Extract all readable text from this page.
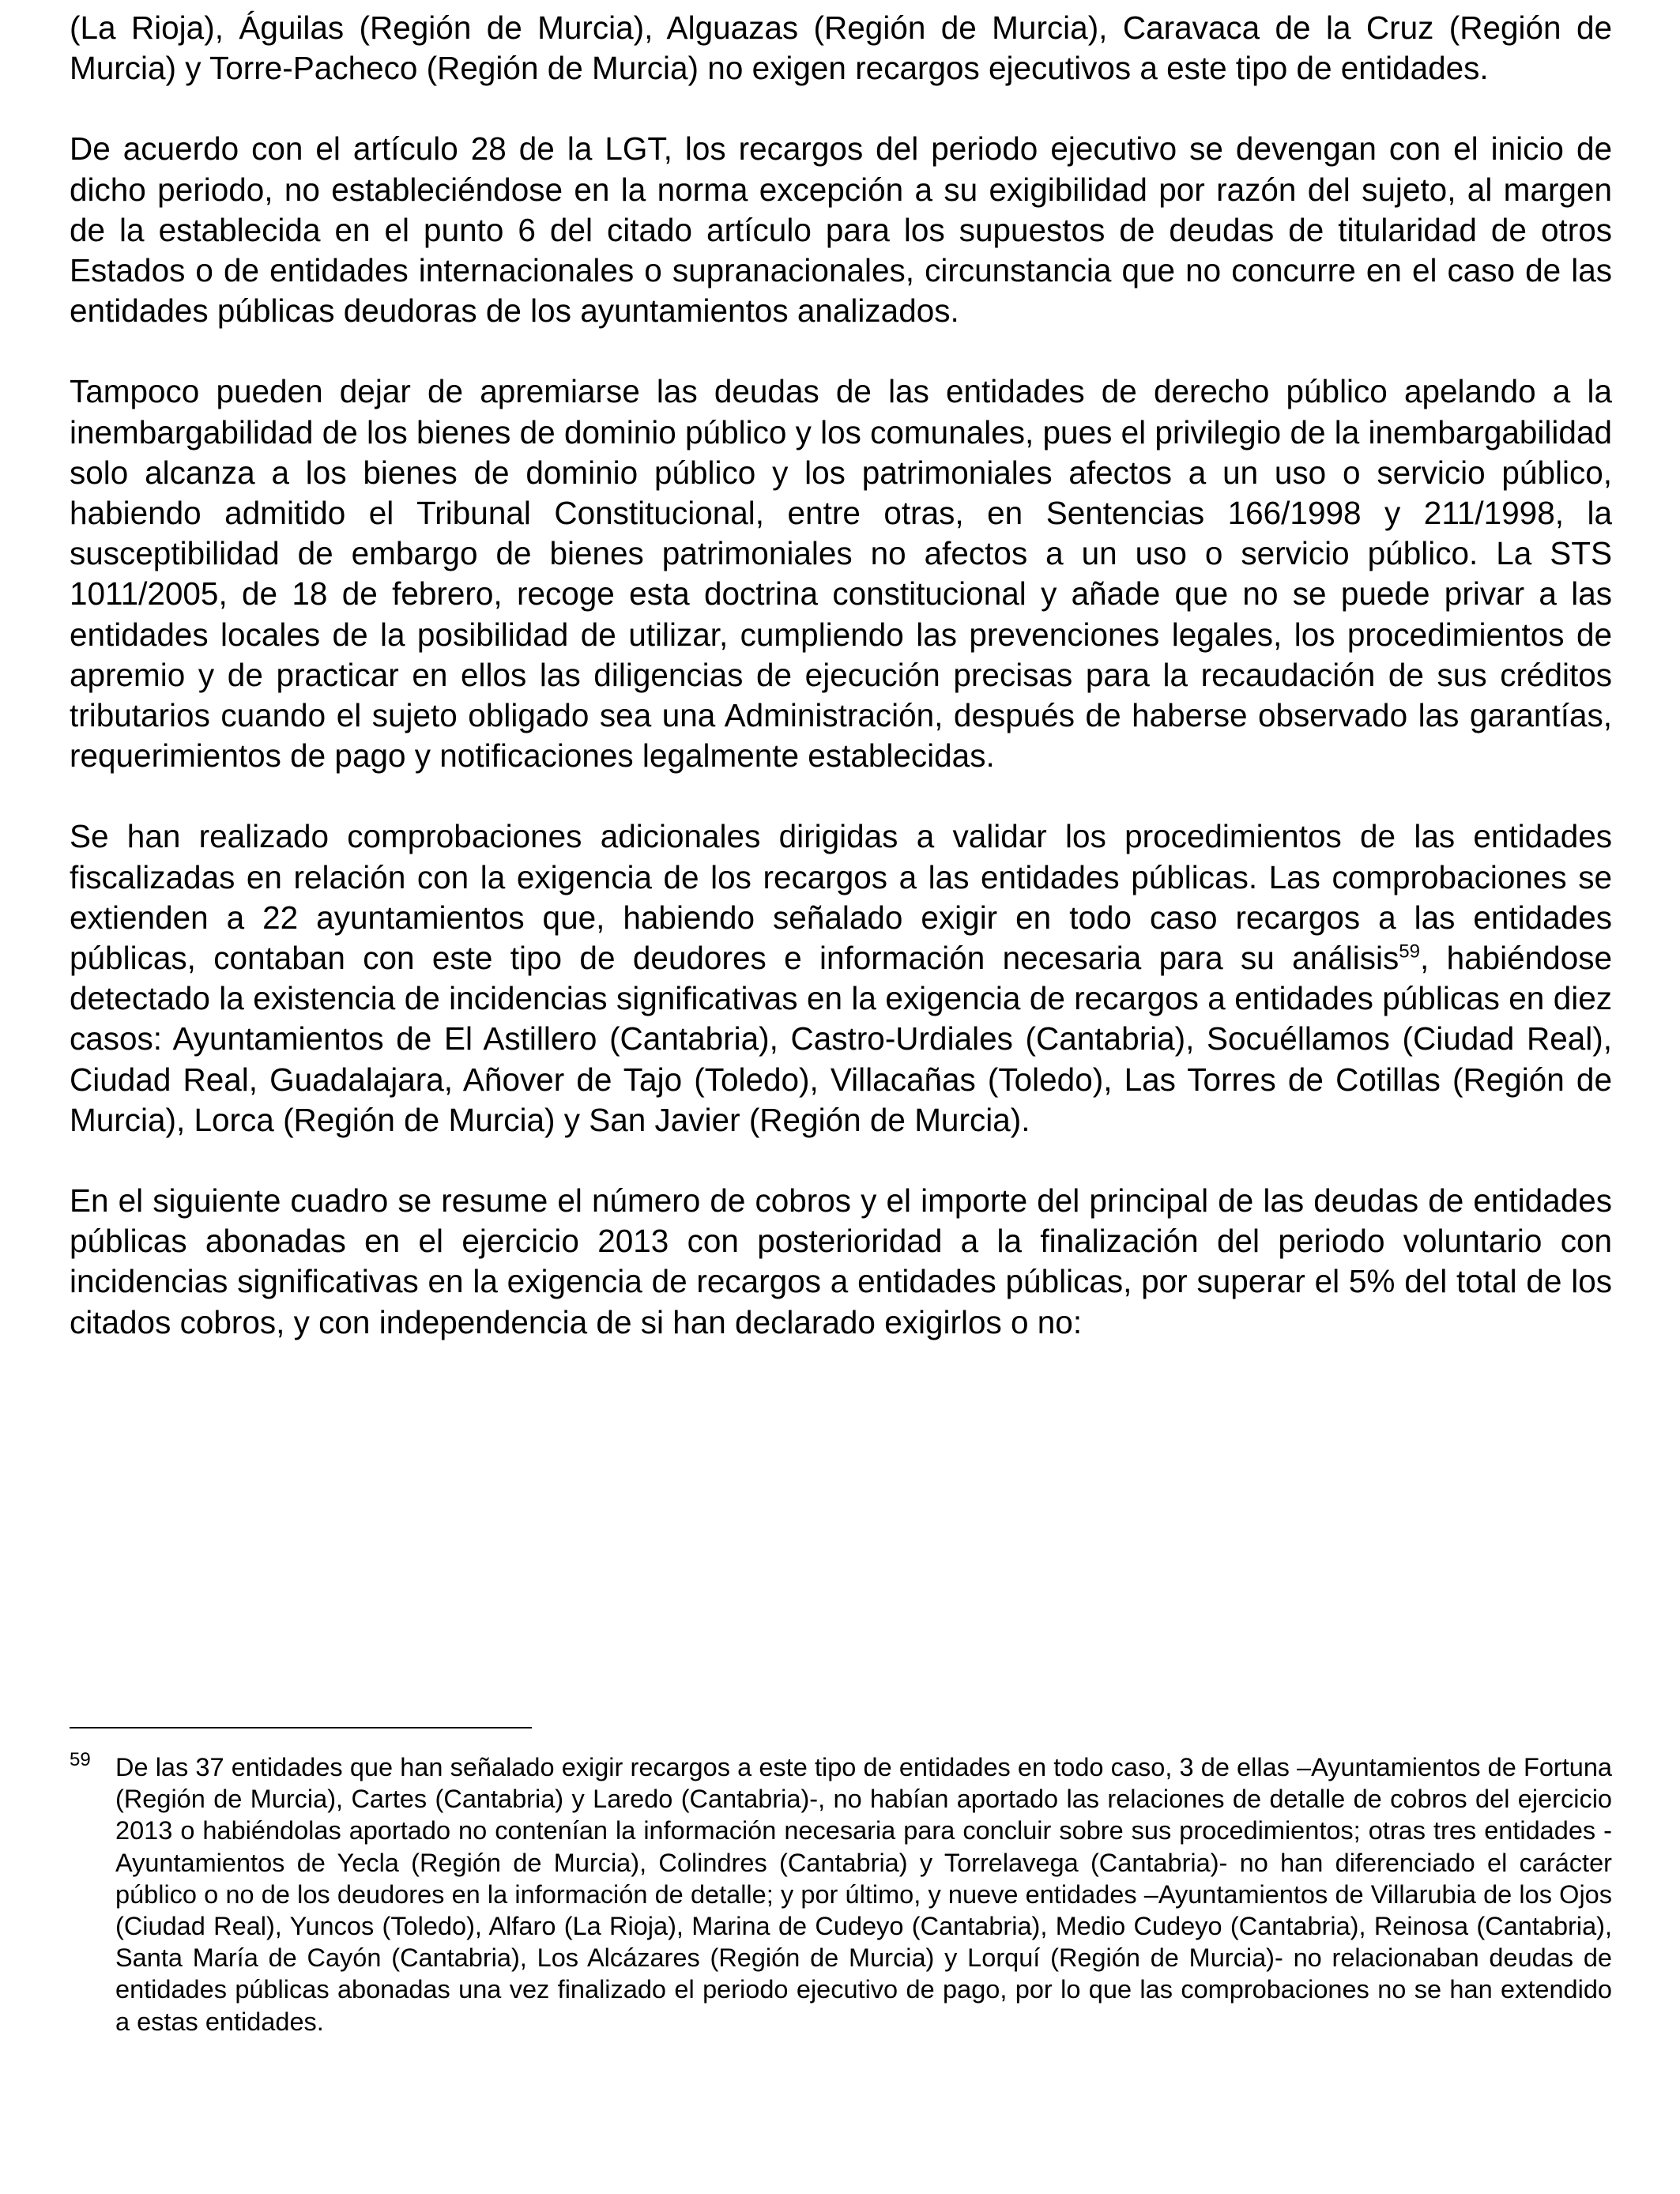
(La Rioja), Águilas (Región de Murcia), Alguazas (Región de Murcia), Caravaca de la Cruz (Región de Murcia) y Torre-Pacheco (Región de Murcia) no exigen recargos ejecutivos a este tipo de entidades.

De acuerdo con el artículo 28 de la LGT, los recargos del periodo ejecutivo se devengan con el inicio de dicho periodo, no estableciéndose en la norma excepción a su exigibilidad por razón del sujeto, al margen de la establecida en el punto 6 del citado artículo para los supuestos de deudas de titularidad de otros Estados o de entidades internacionales o supranacionales, circunstancia que no concurre en el caso de las entidades públicas deudoras de los ayuntamientos analizados.

Tampoco pueden dejar de apremiarse las deudas de las entidades de derecho público apelando a la inembargabilidad de los bienes de dominio público y los comunales, pues el privilegio de la inembargabilidad solo alcanza a los bienes de dominio público y los patrimoniales afectos a un uso o servicio público, habiendo admitido el Tribunal Constitucional, entre otras, en Sentencias 166/1998 y 211/1998, la susceptibilidad de embargo de bienes patrimoniales no afectos a un uso o servicio público. La STS 1011/2005, de 18 de febrero, recoge esta doctrina constitucional y añade que no se puede privar a las entidades locales de la posibilidad de utilizar, cumpliendo las prevenciones legales, los procedimientos de apremio y de practicar en ellos las diligencias de ejecución precisas para la recaudación de sus créditos tributarios cuando el sujeto obligado sea una Administración, después de haberse observado las garantías, requerimientos de pago y notificaciones legalmente establecidas.

Se han realizado comprobaciones adicionales dirigidas a validar los procedimientos de las entidades fiscalizadas en relación con la exigencia de los recargos a las entidades públicas. Las comprobaciones se extienden a 22 ayuntamientos que, habiendo señalado exigir en todo caso recargos a las entidades públicas, contaban con este tipo de deudores e información necesaria para su análisis$^{59}$, habiéndose detectado la existencia de incidencias significativas en la exigencia de recargos a entidades públicas en diez casos: Ayuntamientos de El Astillero (Cantabria), Castro-Urdiales (Cantabria), Socuéllamos (Ciudad Real), Ciudad Real, Guadalajara, Añover de Tajo (Toledo), Villacañas (Toledo), Las Torres de Cotillas (Región de Murcia), Lorca (Región de Murcia) y San Javier (Región de Murcia).

En el siguiente cuadro se resume el número de cobros y el importe del principal de las deudas de entidades públicas abonadas en el ejercicio 2013 con posterioridad a la finalización del periodo voluntario con incidencias significativas en la exigencia de recargos a entidades públicas, por superar el 5% del total de los citados cobros, y con independencia de si han declarado exigirlos o no:

59 De las 37 entidades que han señalado exigir recargos a este tipo de entidades en todo caso, 3 de ellas –Ayuntamientos de Fortuna (Región de Murcia), Cartes (Cantabria) y Laredo (Cantabria)-, no habían aportado las relaciones de detalle de cobros del ejercicio 2013 o habiéndolas aportado no contenían la información necesaria para concluir sobre sus procedimientos; otras tres entidades -Ayuntamientos de Yecla (Región de Murcia), Colindres (Cantabria) y Torrelavega (Cantabria)- no han diferenciado el carácter público o no de los deudores en la información de detalle; y por último, y nueve entidades –Ayuntamientos de Villarubia de los Ojos (Ciudad Real), Yuncos (Toledo), Alfaro (La Rioja), Marina de Cudeyo (Cantabria), Medio Cudeyo (Cantabria), Reinosa (Cantabria), Santa María de Cayón (Cantabria), Los Alcázares (Región de Murcia) y Lorquí (Región de Murcia)- no relacionaban deudas de entidades públicas abonadas una vez finalizado el periodo ejecutivo de pago, por lo que las comprobaciones no se han extendido a estas entidades.
